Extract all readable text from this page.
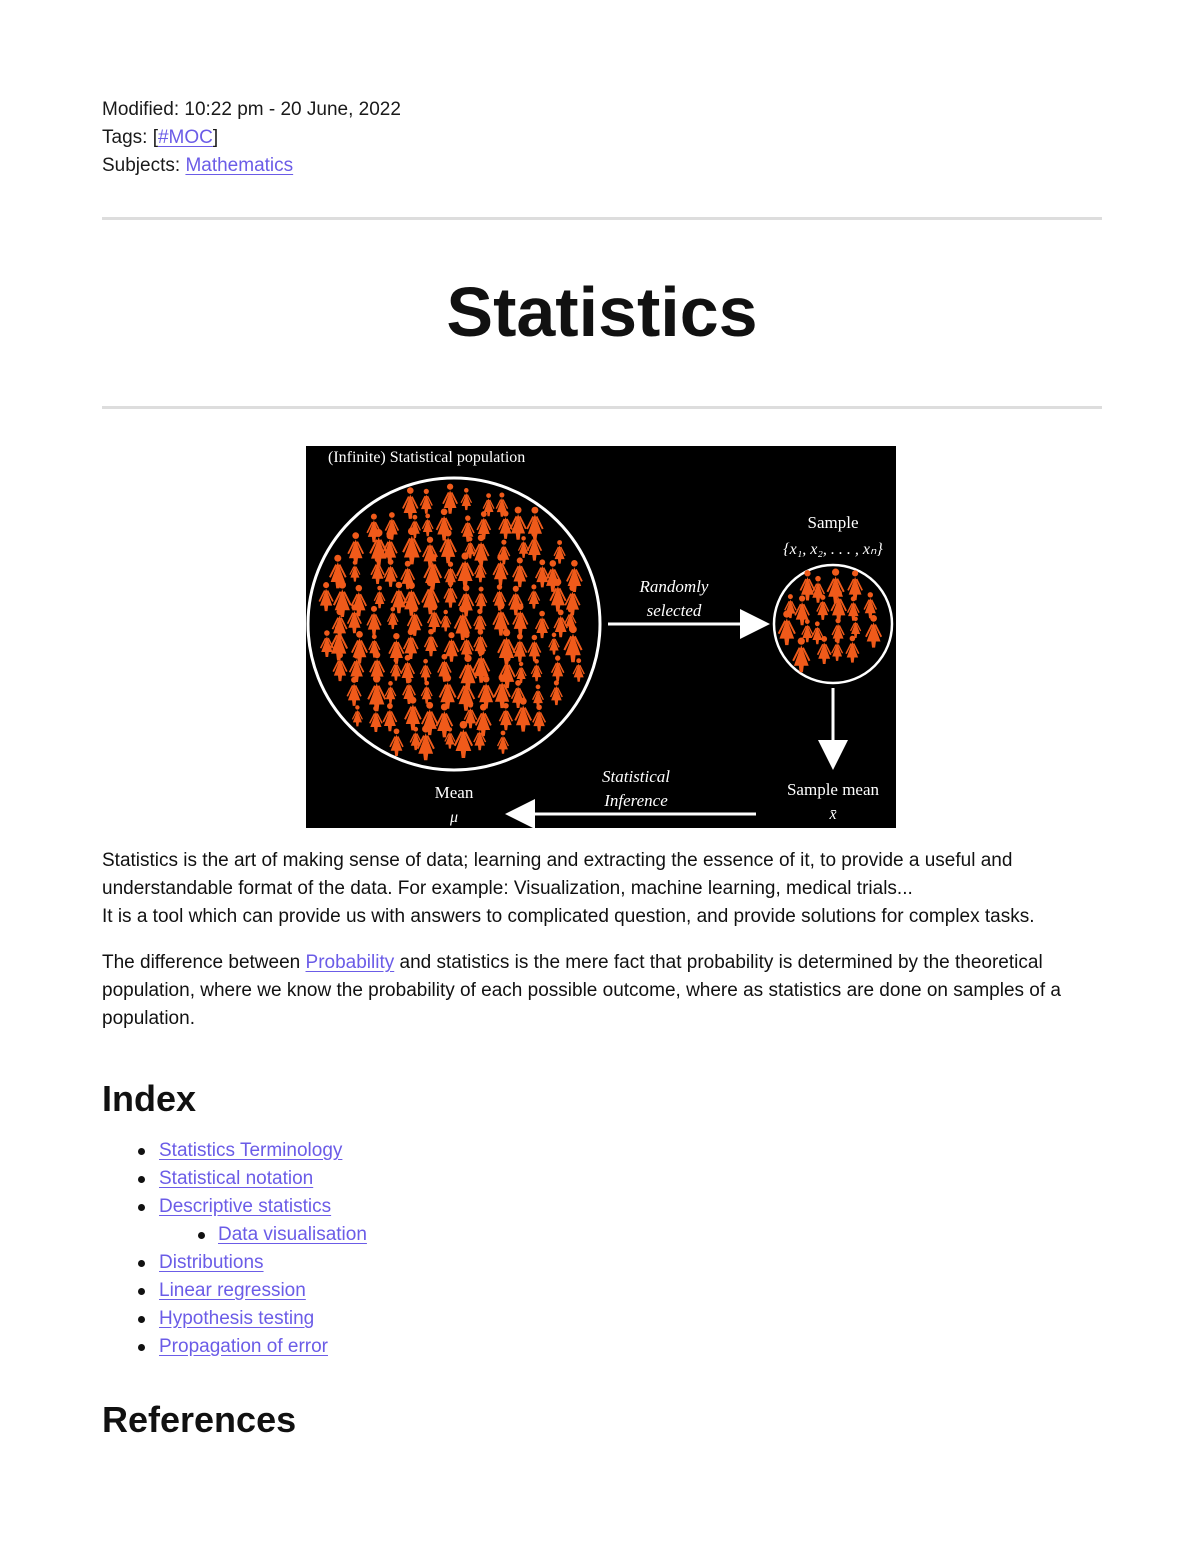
Modified: 10:22 pm - 20 June, 2022
Tags: [#MOC]
Subjects: Mathematics
Statistics
(Infinite) Statistical population
Sample
{x₁, x₂, . . . , xₙ}
Randomly
selected
Sample mean
x̄
Statistical
Inference
Mean
μ

Statistics is the art of making sense of data; learning and extracting the essence of it, to provide a useful and understandable format of the data. For example: Visualization, machine learning, medical trials...
It is a tool which can provide us with answers to complicated question, and provide solutions for complex tasks.

The difference between Probability and statistics is the mere fact that probability is determined by the theoretical population, where we know the probability of each possible outcome, where as statistics are done on samples of a population.

Index
Statistics Terminology
Statistical notation
Descriptive statistics
Data visualisation
Distributions
Linear regression
Hypothesis testing
Propagation of error
References
